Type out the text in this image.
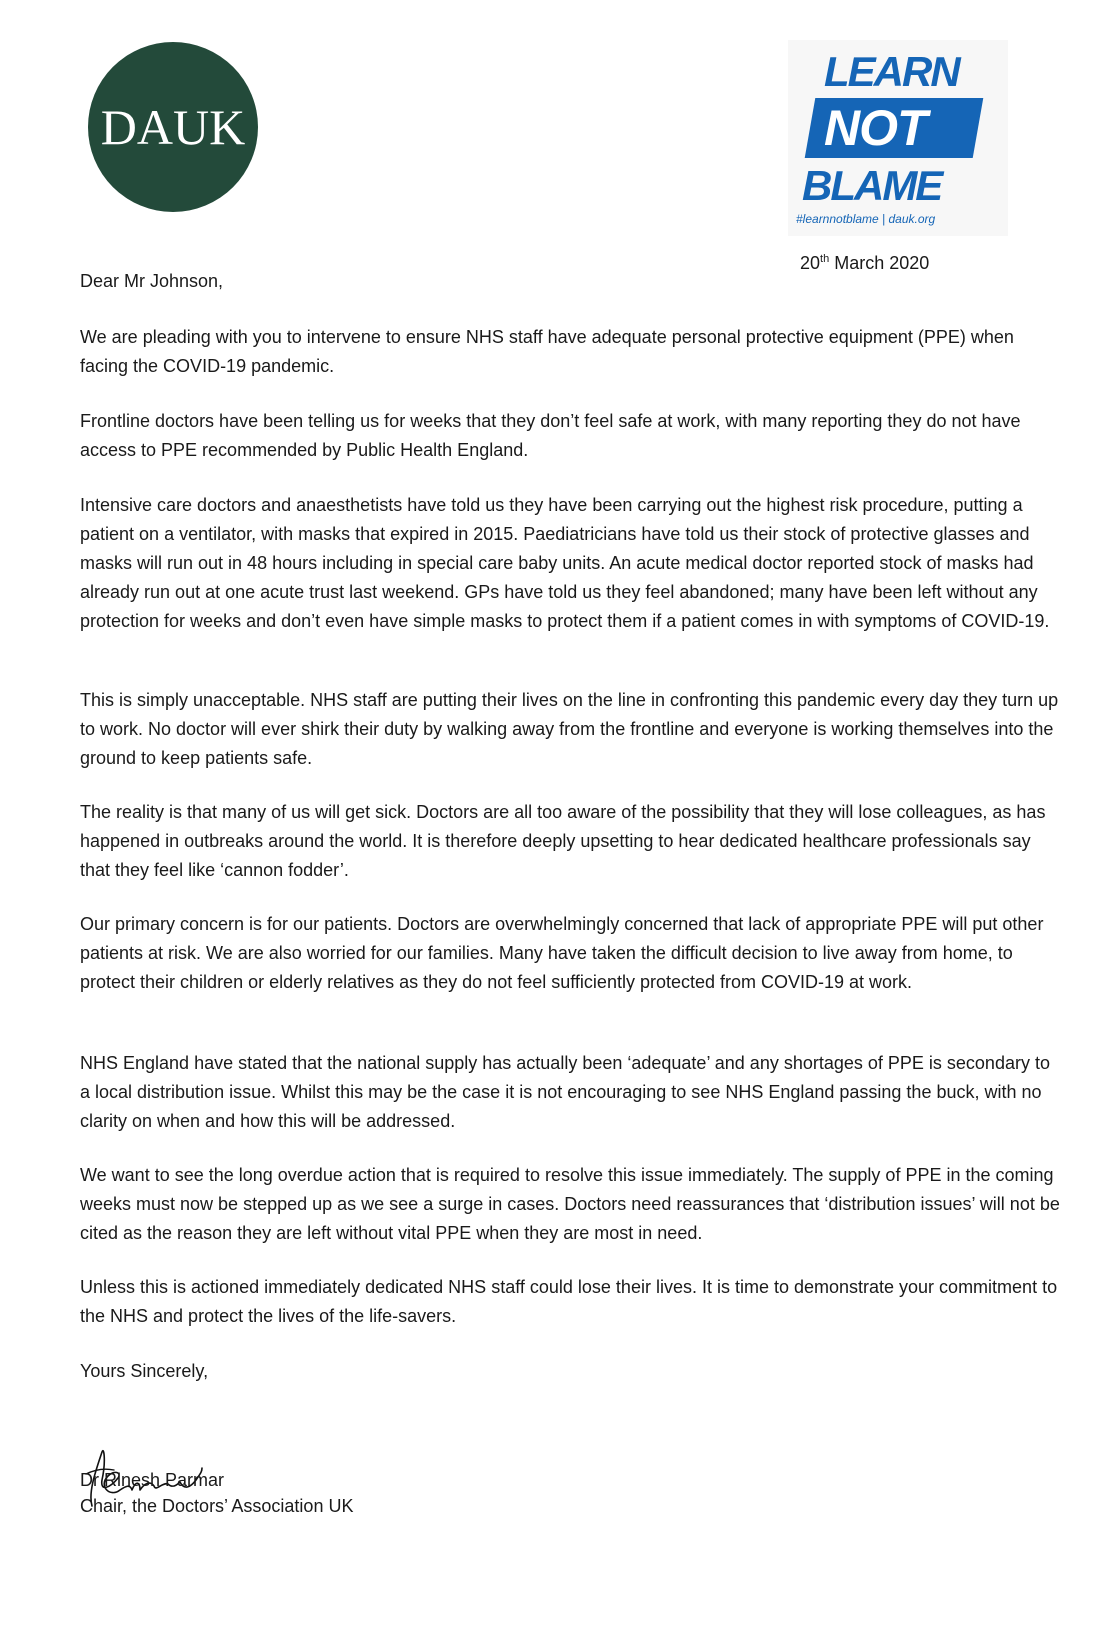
DAUK
LEARN
NOT
BLAME
#learnnotblame | dauk.org
20th March 2020

Dear Mr Johnson,

We are pleading with you to intervene to ensure NHS staff have adequate personal protective equipment (PPE) when facing the COVID-19 pandemic.

Frontline doctors have been telling us for weeks that they don’t feel safe at work, with many reporting they do not have access to PPE recommended by Public Health England.

Intensive care doctors and anaesthetists have told us they have been carrying out the highest risk procedure, putting a patient on a ventilator, with masks that expired in 2015. Paediatricians have told us their stock of protective glasses and masks will run out in 48 hours including in special care baby units. An acute medical doctor reported stock of masks had already run out at one acute trust last weekend. GPs have told us they feel abandoned; many have been left without any protection for weeks and don’t even have simple masks to protect them if a patient comes in with symptoms of COVID-19.

This is simply unacceptable. NHS staff are putting their lives on the line in confronting this pandemic every day they turn up to work. No doctor will ever shirk their duty by walking away from the frontline and everyone is working themselves into the ground to keep patients safe.

The reality is that many of us will get sick. Doctors are all too aware of the possibility that they will lose colleagues, as has happened in outbreaks around the world. It is therefore deeply upsetting to hear dedicated healthcare professionals say that they feel like ‘cannon fodder’.

Our primary concern is for our patients. Doctors are overwhelmingly concerned that lack of appropriate PPE will put other patients at risk. We are also worried for our families. Many have taken the difficult decision to live away from home, to protect their children or elderly relatives as they do not feel sufficiently protected from COVID-19 at work.

NHS England have stated that the national supply has actually been ‘adequate’ and any shortages of PPE is secondary to a local distribution issue. Whilst this may be the case it is not encouraging to see NHS England passing the buck, with no clarity on when and how this will be addressed.

We want to see the long overdue action that is required to resolve this issue immediately. The supply of PPE in the coming weeks must now be stepped up as we see a surge in cases. Doctors need reassurances that ‘distribution issues’ will not be cited as the reason they are left without vital PPE when they are most in need.

Unless this is actioned immediately dedicated NHS staff could lose their lives. It is time to demonstrate your commitment to the NHS and protect the lives of the life-savers.

Yours Sincerely,

Dr Rinesh Parmar

Chair, the Doctors’ Association UK
